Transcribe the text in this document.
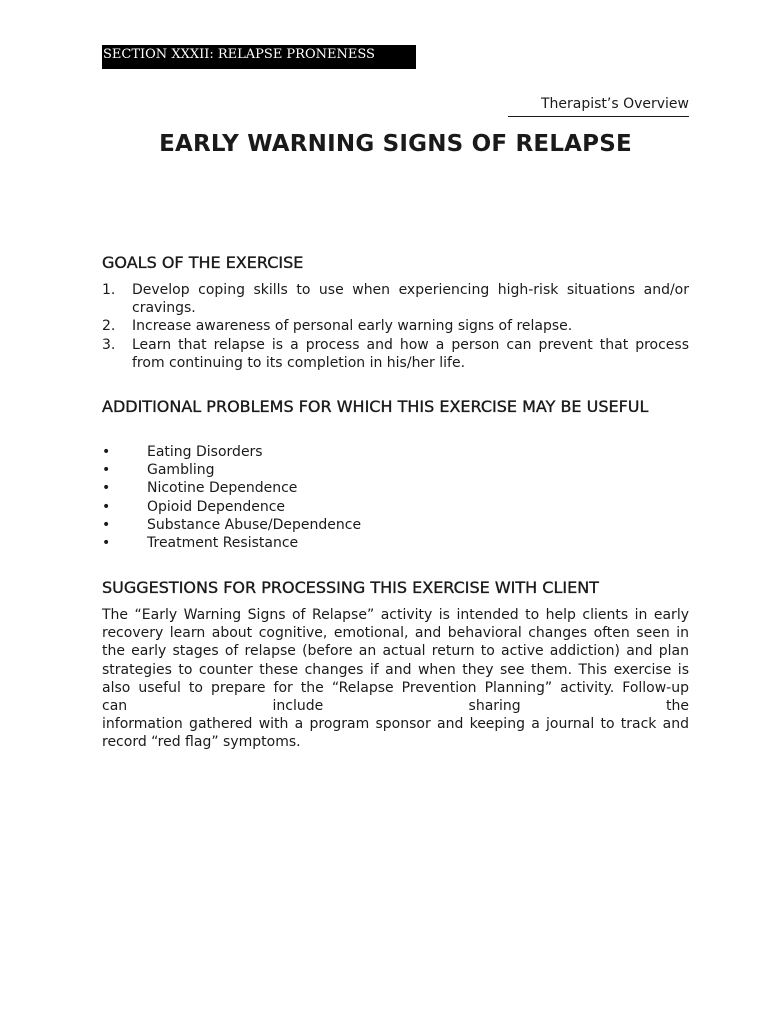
SECTION XXXII: RELAPSE PRONENESS
Therapist’s Overview
EARLY WARNING SIGNS OF RELAPSE
GOALS OF THE EXERCISE
1.	Develop coping skills to use when experiencing high-risk situations and/or cravings.
2.	Increase awareness of personal early warning signs of relapse.
3.	Learn that relapse is a process and how a person can prevent that process from continuing to its completion in his/her life.
ADDITIONAL PROBLEMS FOR WHICH THIS EXERCISE MAY BE USEFUL
•	Eating Disorders
•	Gambling
•	Nicotine Dependence
•	Opioid Dependence
•	Substance Abuse/Dependence
•	Treatment Resistance
SUGGESTIONS FOR PROCESSING THIS EXERCISE WITH CLIENT
The “Early Warning Signs of Relapse” activity is intended to help clients in early
recovery learn about cognitive, emotional, and behavioral changes often seen in
the early stages of relapse (before an actual return to active addiction) and plan
strategies to counter these changes if and when they see them. This exercise is
also useful to prepare for the “Relapse Prevention Planning” activity. Follow-up
can include sharing the
information gathered with a program sponsor and keeping a journal to track and
record “red flag” symptoms.
